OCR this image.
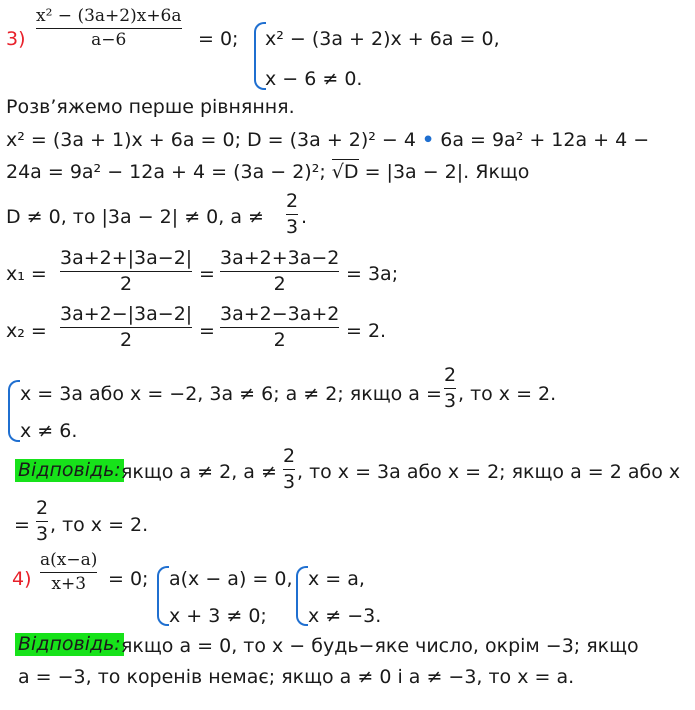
3)
x² − (3a+2)x+6a
a−6	= 0; x² − (3a + 2)x + 6a = 0,
x − 6 ≠ 0.
Розв’яжемо перше рівняння.
x² = (3a + 1)x + 6a = 0; D = (3a + 2)² − 4 • 6a = 9a² + 12a + 4 −
24a = 9a² − 12a + 4 = (3a − 2)²; √D = |3a − 2|. Якщо
D ≠ 0, то |3a − 2| ≠ 0, a ≠
2
3 .
x₁ =
3a+2+|3a−2|
2	=
3a+2+3a−2
2	= 3a;
x₂ =
3a+2−|3a−2|
2	=
3a+2−3a+2
2	= 2.
x = 3a або x = −2, 3a ≠ 6; a ≠ 2; якщо a =
2
3 , то x = 2.
x ≠ 6.
Відповідь: якщо a ≠ 2, a ≠
2
3 , то x = 3a або x = 2; якщо a = 2 або x
=
2
3 , то x = 2.
4)
a(x−a)
x+3 = 0; a(x − a) = 0,
x + 3 ≠ 0;
x = a,
x ≠ −3.
Відповідь: якщо a = 0, то x − будь−яке число, окрім −3; якщо
a = −3, то коренів немає; якщо a ≠ 0 і a ≠ −3, то x = a.
